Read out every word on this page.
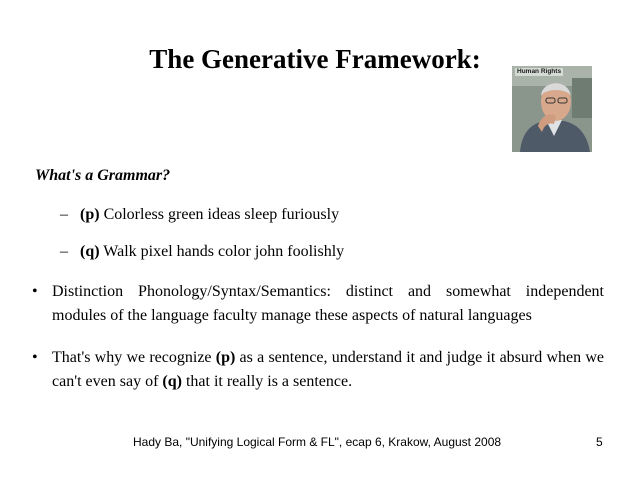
The Generative Framework:	Human Rights
What's a Grammar?
– (p) Colorless green ideas sleep furiously
– (q) Walk pixel hands color john foolishly
• Distinction Phonology/Syntax/Semantics: distinct and somewhat independent
modules of the language faculty manage these aspects of natural languages
• That's why we recognize (p) as a sentence, understand it and judge it absurd when we can't even say of (q) that it really is a sentence.
Hady Ba, "Unifying Logical Form & FL", ecap 6, Krakow, August 2008	5
